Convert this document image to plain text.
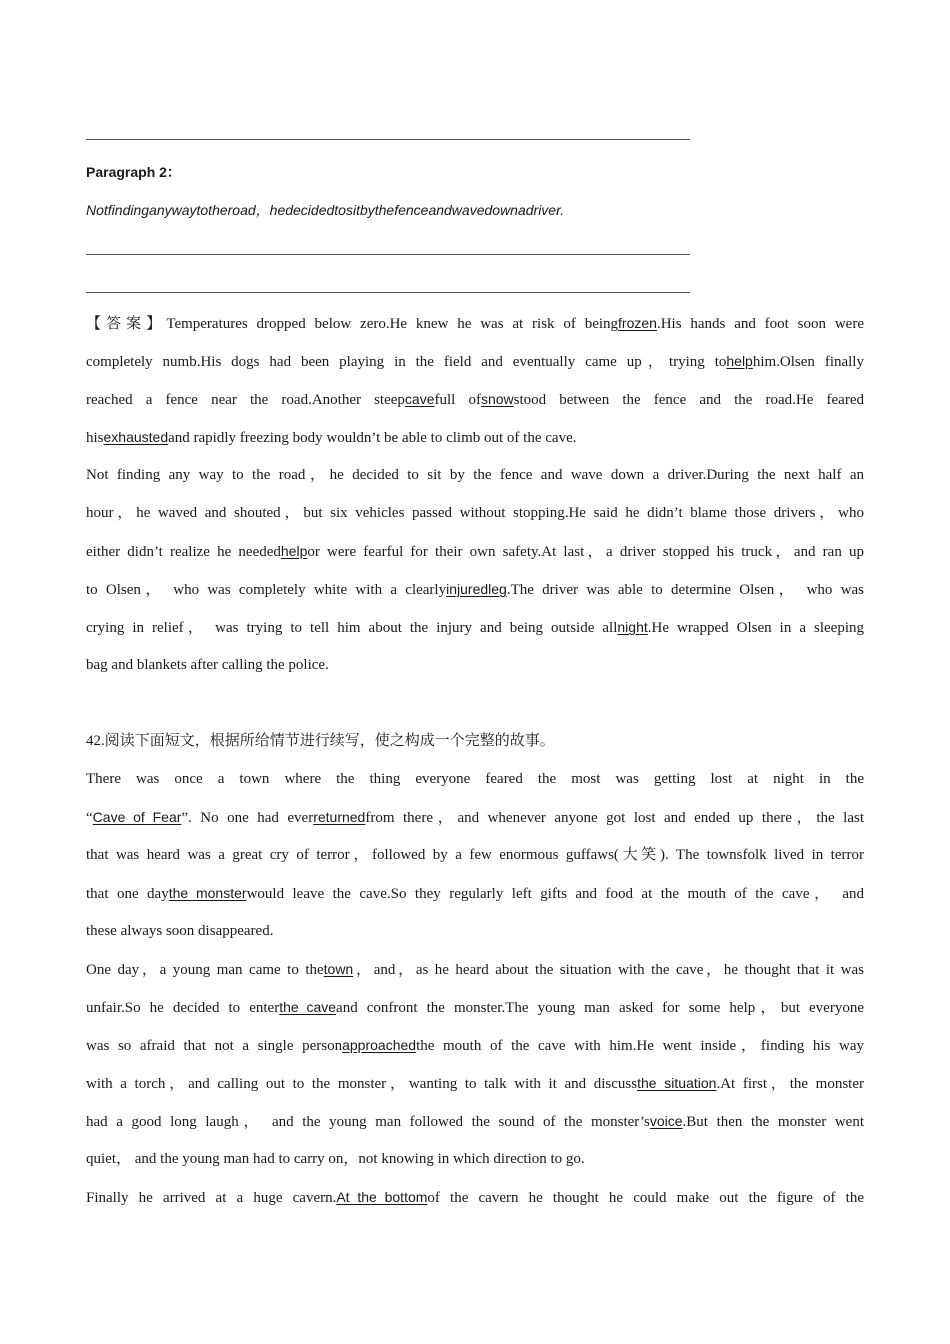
Paragraph 2：
Notfindinganywaytotheroad，hedecidedtositbythefenceandwavedownadriver.
【答案】Temperatures dropped below zero.He knew he was at risk of beingfrozen.His hands and foot soon were
completely numb.His dogs had been playing in the field and eventually came up，trying tohelphim.Olsen finally
reached a fence near the road.Another steepcavefull ofsnowstood between the fence and the road.He feared
hisexhaustedand rapidly freezing body wouldn’t be able to climb out of the cave.
Not finding any way to the road，he decided to sit by the fence and wave down a driver.During the next half an
hour，he waved and shouted，but six vehicles passed without stopping.He said he didn’t blame those drivers，who
either didn’t realize he neededhelpor were fearful for their own safety.At last，a driver stopped his truck，and ran up
to Olsen， who was completely white with a clearlyinjuredleg.The driver was able to determine Olsen， who was
crying in relief， was trying to tell him about the injury and being outside allnight.He wrapped Olsen in a sleeping
bag and blankets after calling the police.
42.阅读下面短文，根据所给情节进行续写，使之构成一个完整的故事。
There was once a town where the thing everyone feared the most was getting lost at night in the
“Cave_of_Fear”. No one had everreturnedfrom there，and whenever anyone got lost and ended up there，the last
that was heard was a great cry of terror，followed by a few enormous guffaws(大笑). The townsfolk lived in terror
that one daythe_monsterwould leave the cave.So they regularly left gifts and food at the mouth of the cave， and
these always soon disappeared.
One day，a young man came to thetown，and，as he heard about the situation with the cave，he thought that it was
unfair.So he decided to enterthe_caveand confront the monster.The young man asked for some help，but everyone
was so afraid that not a single personapproachedthe mouth of the cave with him.He went inside，finding his way
with a torch，and calling out to the monster，wanting to talk with it and discussthe_situation.At first，the monster
had a good long laugh， and the young man followed the sound of the monster’svoice.But then the monster went
quiet， and the young man had to carry on，not knowing in which direction to go.
Finally he arrived at a huge cavern.At_the_bottomof the cavern he thought he could make out the figure of the
